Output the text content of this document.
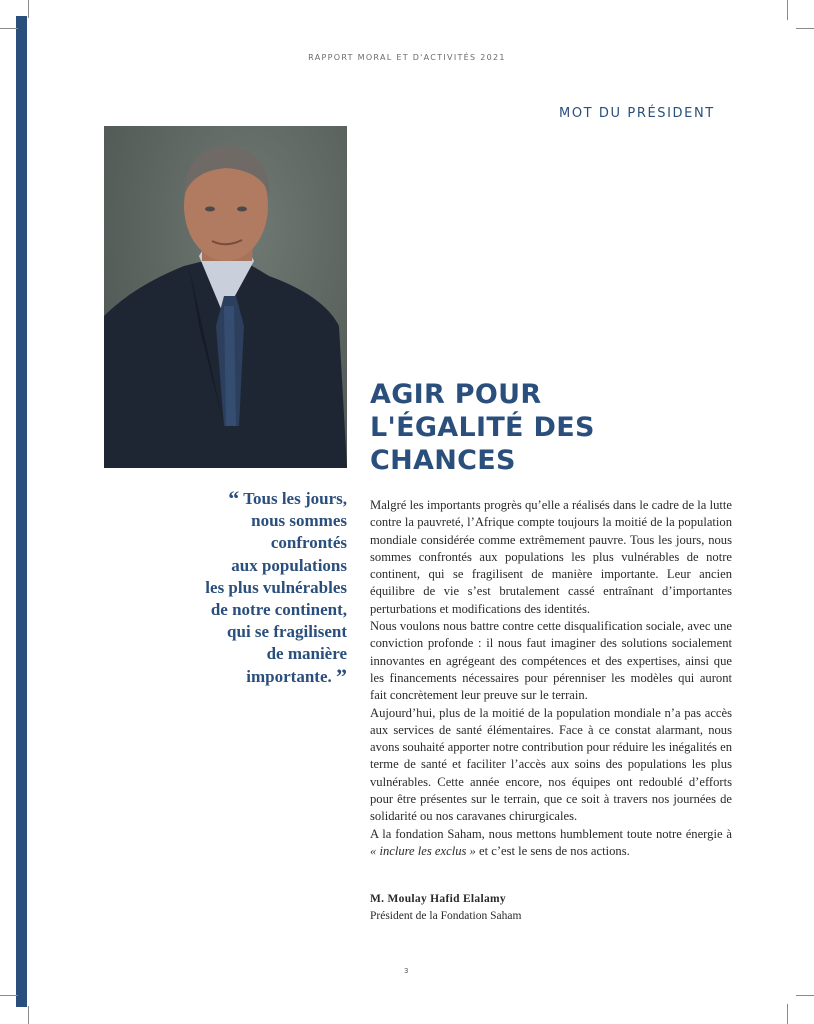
RAPPORT MORAL ET D'ACTIVITÉS 2021
MOT DU PRÉSIDENT
AGIR POUR
L'ÉGALITÉ DES
CHANCES
“ Tous les jours,
nous sommes
confrontés
aux populations
les plus vulnérables
de notre continent,
qui se fragilisent
de manière
importante. ”

Malgré les importants progrès qu’elle a réalisés dans le cadre de la lutte contre la pauvreté, l’Afrique compte toujours la moitié de la population mondiale considérée comme extrêmement pauvre. Tous les jours, nous sommes confrontés aux populations les plus vulnérables de notre continent, qui se fragilisent de manière importante. Leur ancien équilibre de vie s’est brutalement cassé entraînant d’importantes perturbations et modifications des identités.

Nous voulons nous battre contre cette disqualification sociale, avec une conviction profonde : il nous faut imaginer des solutions socialement innovantes en agrégeant des compétences et des expertises, ainsi que les financements nécessaires pour pérenniser les modèles qui auront fait concrètement leur preuve sur le terrain.

Aujourd’hui, plus de la moitié de la population mondiale n’a pas accès aux services de santé élémentaires. Face à ce constat alarmant, nous avons souhaité apporter notre contribution pour réduire les inégalités en terme de santé et faciliter l’accès aux soins des populations les plus vulnérables. Cette année encore, nos équipes ont redoublé d’efforts pour être présentes sur le terrain, que ce soit à travers nos journées de solidarité ou nos caravanes chirurgicales.

A la fondation Saham, nous mettons humblement toute notre énergie à « inclure les exclus » et c’est le sens de nos actions.

M. Moulay Hafid Elalamy
Président de la Fondation Saham
3
